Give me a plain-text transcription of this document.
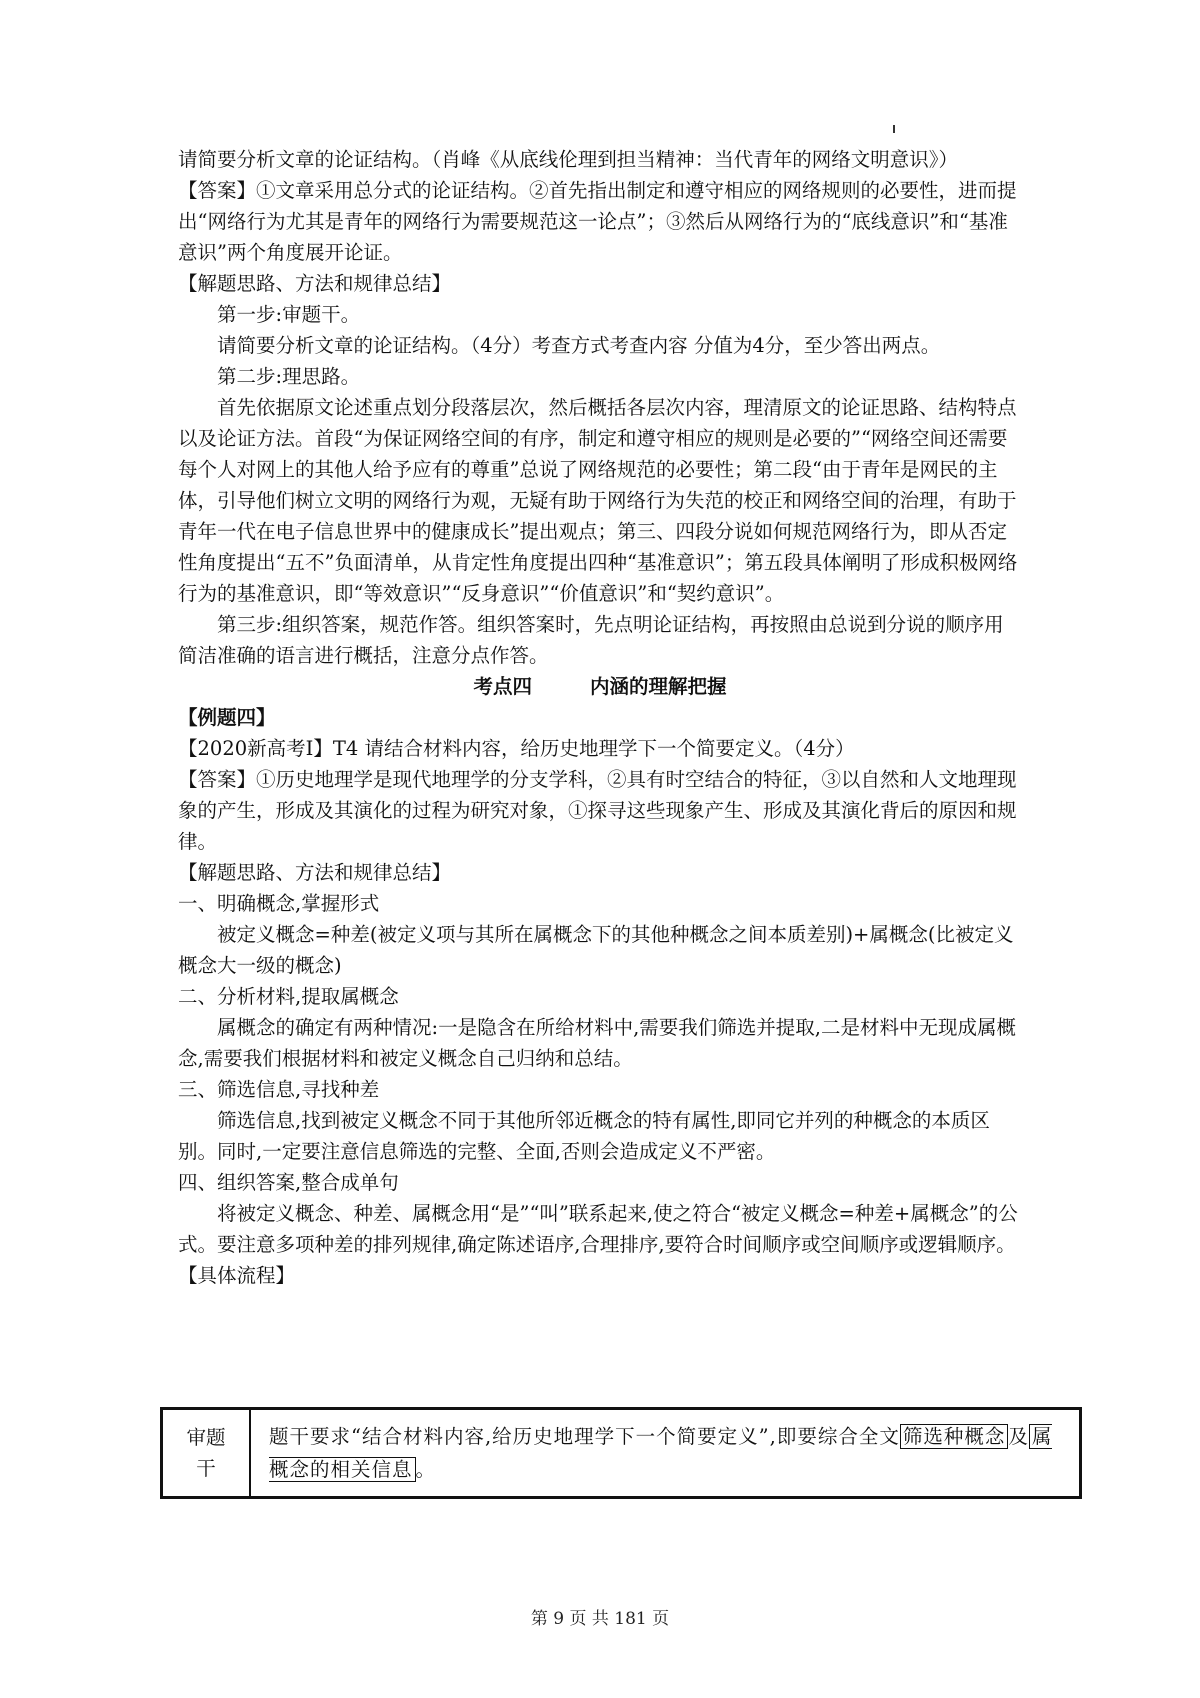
请简要分析文章的论证结构。（肖峰《从底线伦理到担当精神：当代青年的网络文明意识》）

【答案】①文章采用总分式的论证结构。②首先指出制定和遵守相应的网络规则的必要性，进而提出“网络行为尤其是青年的网络行为需要规范这一论点”；③然后从网络行为的“底线意识”和“基准意识”两个角度展开论证。

【解题思路、方法和规律总结】

第一步:审题干。

请简要分析文章的论证结构。（4分）考查方式考查内容 分值为4分，至少答出两点。

第二步:理思路。

首先依据原文论述重点划分段落层次，然后概括各层次内容，理清原文的论证思路、结构特点以及论证方法。首段“为保证网络空间的有序，制定和遵守相应的规则是必要的”“网络空间还需要每个人对网上的其他人给予应有的尊重”总说了网络规范的必要性；第二段“由于青年是网民的主体，引导他们树立文明的网络行为观，无疑有助于网络行为失范的校正和网络空间的治理，有助于青年一代在电子信息世界中的健康成长”提出观点；第三、四段分说如何规范网络行为，即从否定性角度提出“五不”负面清单，从肯定性角度提出四种“基准意识”；第五段具体阐明了形成积极网络行为的基准意识，即“等效意识”“反身意识”“价值意识”和“契约意识”。

第三步:组织答案，规范作答。组织答案时，先点明论证结构，再按照由总说到分说的顺序用简洁准确的语言进行概括，注意分点作答。

考点四	内涵的理解把握

【例题四】

【2020新高考Ⅰ】T4 请结合材料内容，给历史地理学下一个简要定义。（4分）

【答案】①历史地理学是现代地理学的分支学科，②具有时空结合的特征，③以自然和人文地理现象的产生，形成及其演化的过程为研究对象，①探寻这些现象产生、形成及其演化背后的原因和规律。

【解题思路、方法和规律总结】

一、明确概念,掌握形式

被定义概念=种差(被定义项与其所在属概念下的其他种概念之间本质差别)+属概念(比被定义概念大一级的概念)

二、分析材料,提取属概念

属概念的确定有两种情况:一是隐含在所给材料中,需要我们筛选并提取,二是材料中无现成属概念,需要我们根据材料和被定义概念自己归纳和总结。

三、筛选信息,寻找种差

筛选信息,找到被定义概念不同于其他所邻近概念的特有属性,即同它并列的种概念的本质区别。同时,一定要注意信息筛选的完整、全面,否则会造成定义不严密。

四、组织答案,整合成单句

将被定义概念、种差、属概念用“是”“叫”联系起来,使之符合“被定义概念=种差+属概念”的公式。要注意多项种差的排列规律,确定陈述语序,合理排序,要符合时间顺序或空间顺序或逻辑顺序。

【具体流程】

审题干
题干要求“结合材料内容,给历史地理学下一个简要定义”,即要综合全文 筛选种概念 及 属概念的相关信息 。
第 9 页 共 181 页
